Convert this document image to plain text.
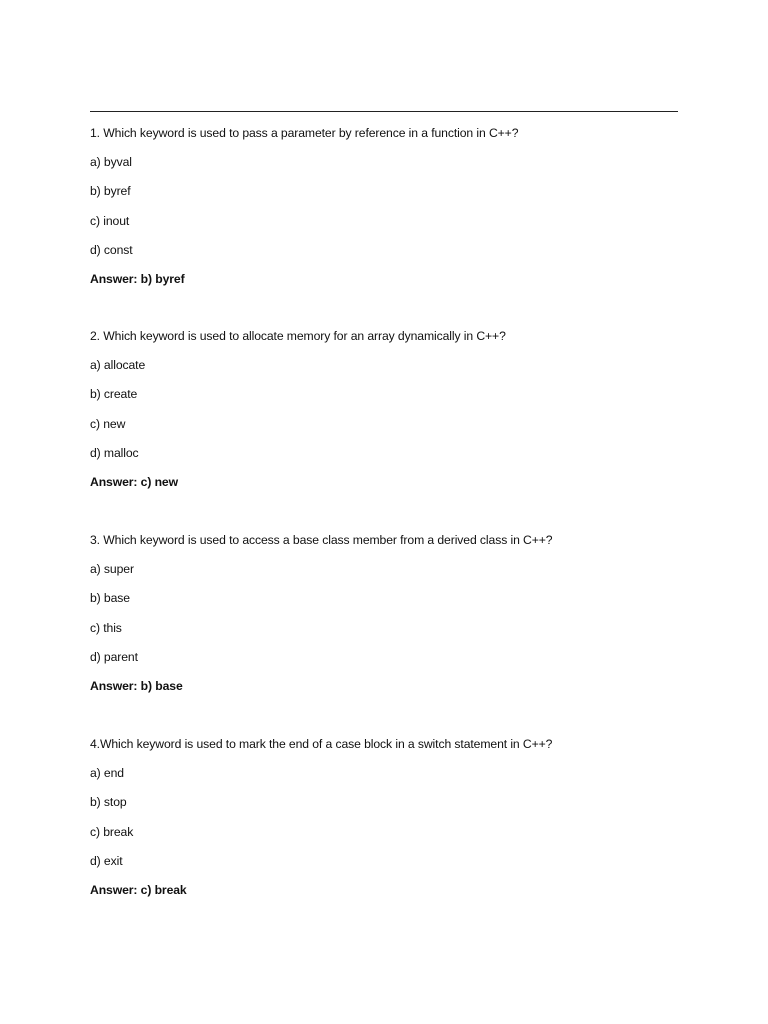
1. Which keyword is used to pass a parameter by reference in a function in C++?
a) byval
b) byref
c) inout
d) const
Answer: b) byref
2. Which keyword is used to allocate memory for an array dynamically in C++?
a) allocate
b) create
c) new
d) malloc
Answer: c) new
3. Which keyword is used to access a base class member from a derived class in C++?
a) super
b) base
c) this
d) parent
Answer: b) base
4.Which keyword is used to mark the end of a case block in a switch statement in C++?
a) end
b) stop
c) break
d) exit
Answer: c) break
